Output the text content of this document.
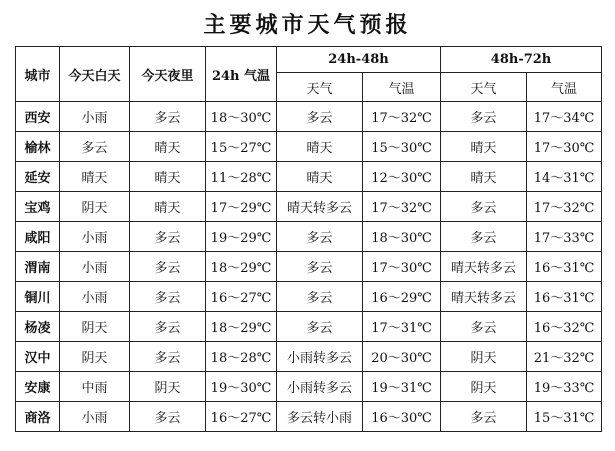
主要城市天气预报
城市	今天白天	今天夜里	24h 气温	24h-48h		48h-72h	
				天气	气温	天气	气温
西安	小雨	多云	18～30℃	多云	17～32℃	多云	17～34℃
榆林	多云	晴天	15～27℃	晴天	15～30℃	晴天	17～30℃
延安	晴天	晴天	11～28℃	晴天	12～30℃	晴天	14～31℃
宝鸡	阴天	晴天	17～29℃	晴天转多云	17～32℃	多云	17～32℃
咸阳	小雨	多云	19～29℃	多云	18～30℃	多云	17～33℃
渭南	小雨	多云	18～29℃	多云	17～30℃	晴天转多云	16～31℃
铜川	小雨	多云	16～27℃	多云	16～29℃	晴天转多云	16～31℃
杨凌	阴天	多云	18～29℃	多云	17～31℃	多云	16～32℃
汉中	阴天	多云	18～28℃	小雨转多云	20～30℃	阴天	21～32℃
安康	中雨	阴天	19～30℃	小雨转多云	19～31℃	阴天	19～33℃
商洛	小雨	多云	16～27℃	多云转小雨	16～30℃	多云	15～31℃
